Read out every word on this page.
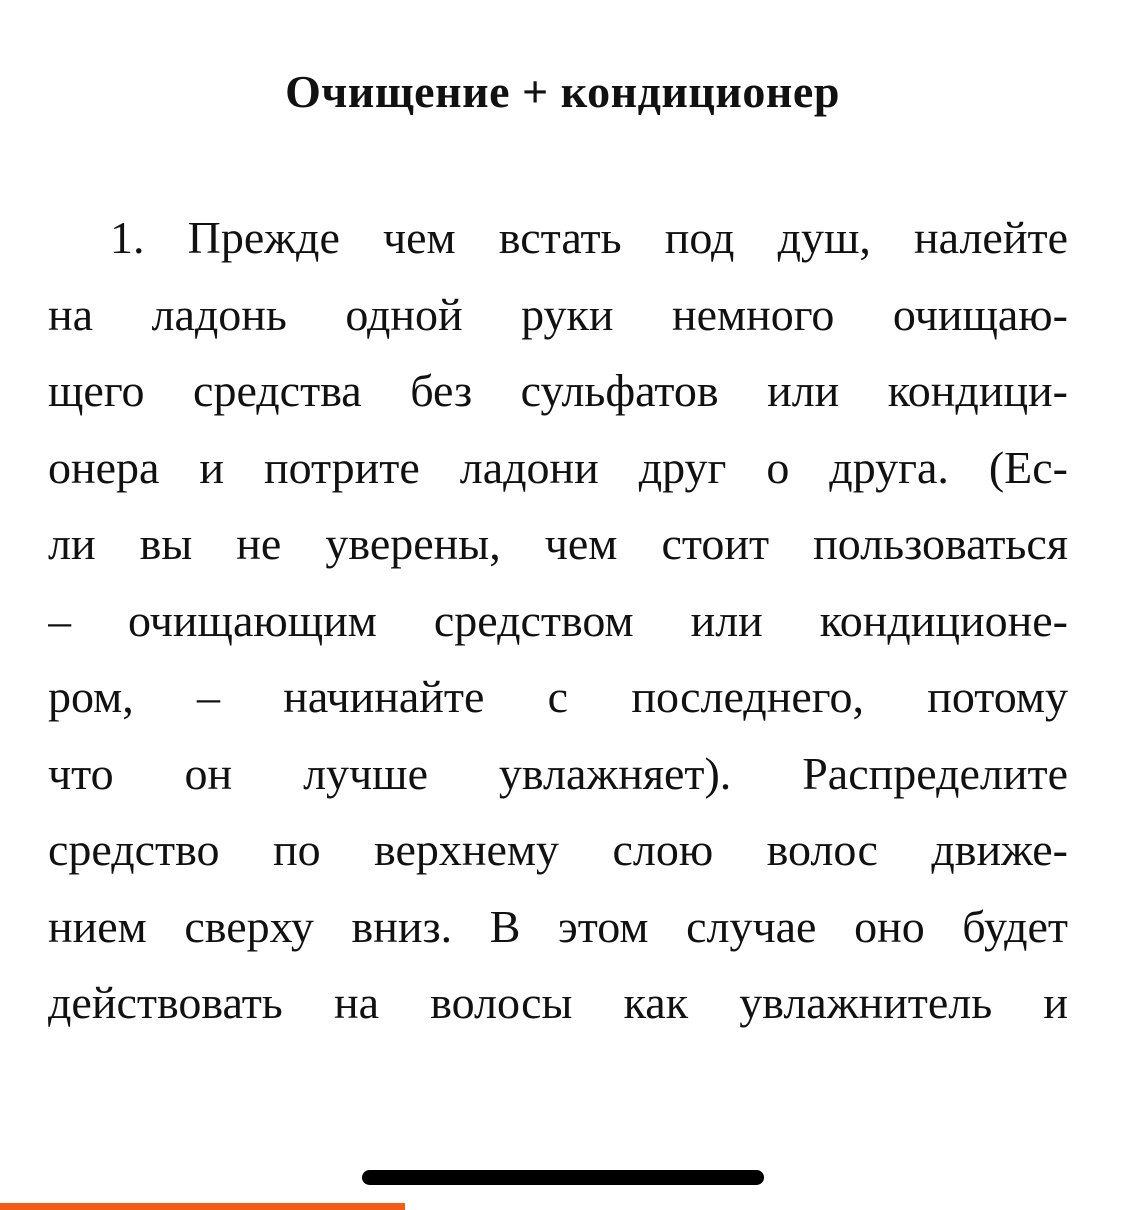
Очищение + кондиционер
1. Прежде чем встать под душ, налейте
на ладонь одной руки немного очищаю-
щего средства без сульфатов или кондици-
онера и потрите ладони друг о друга. (Ес-
ли вы не уверены, чем стоит пользоваться
– очищающим средством или кондиционе-
ром, – начинайте с последнего, потому
что он лучше увлажняет). Распределите
средство по верхнему слою волос движе-
нием сверху вниз. В этом случае оно будет
действовать на волосы как увлажнитель и
